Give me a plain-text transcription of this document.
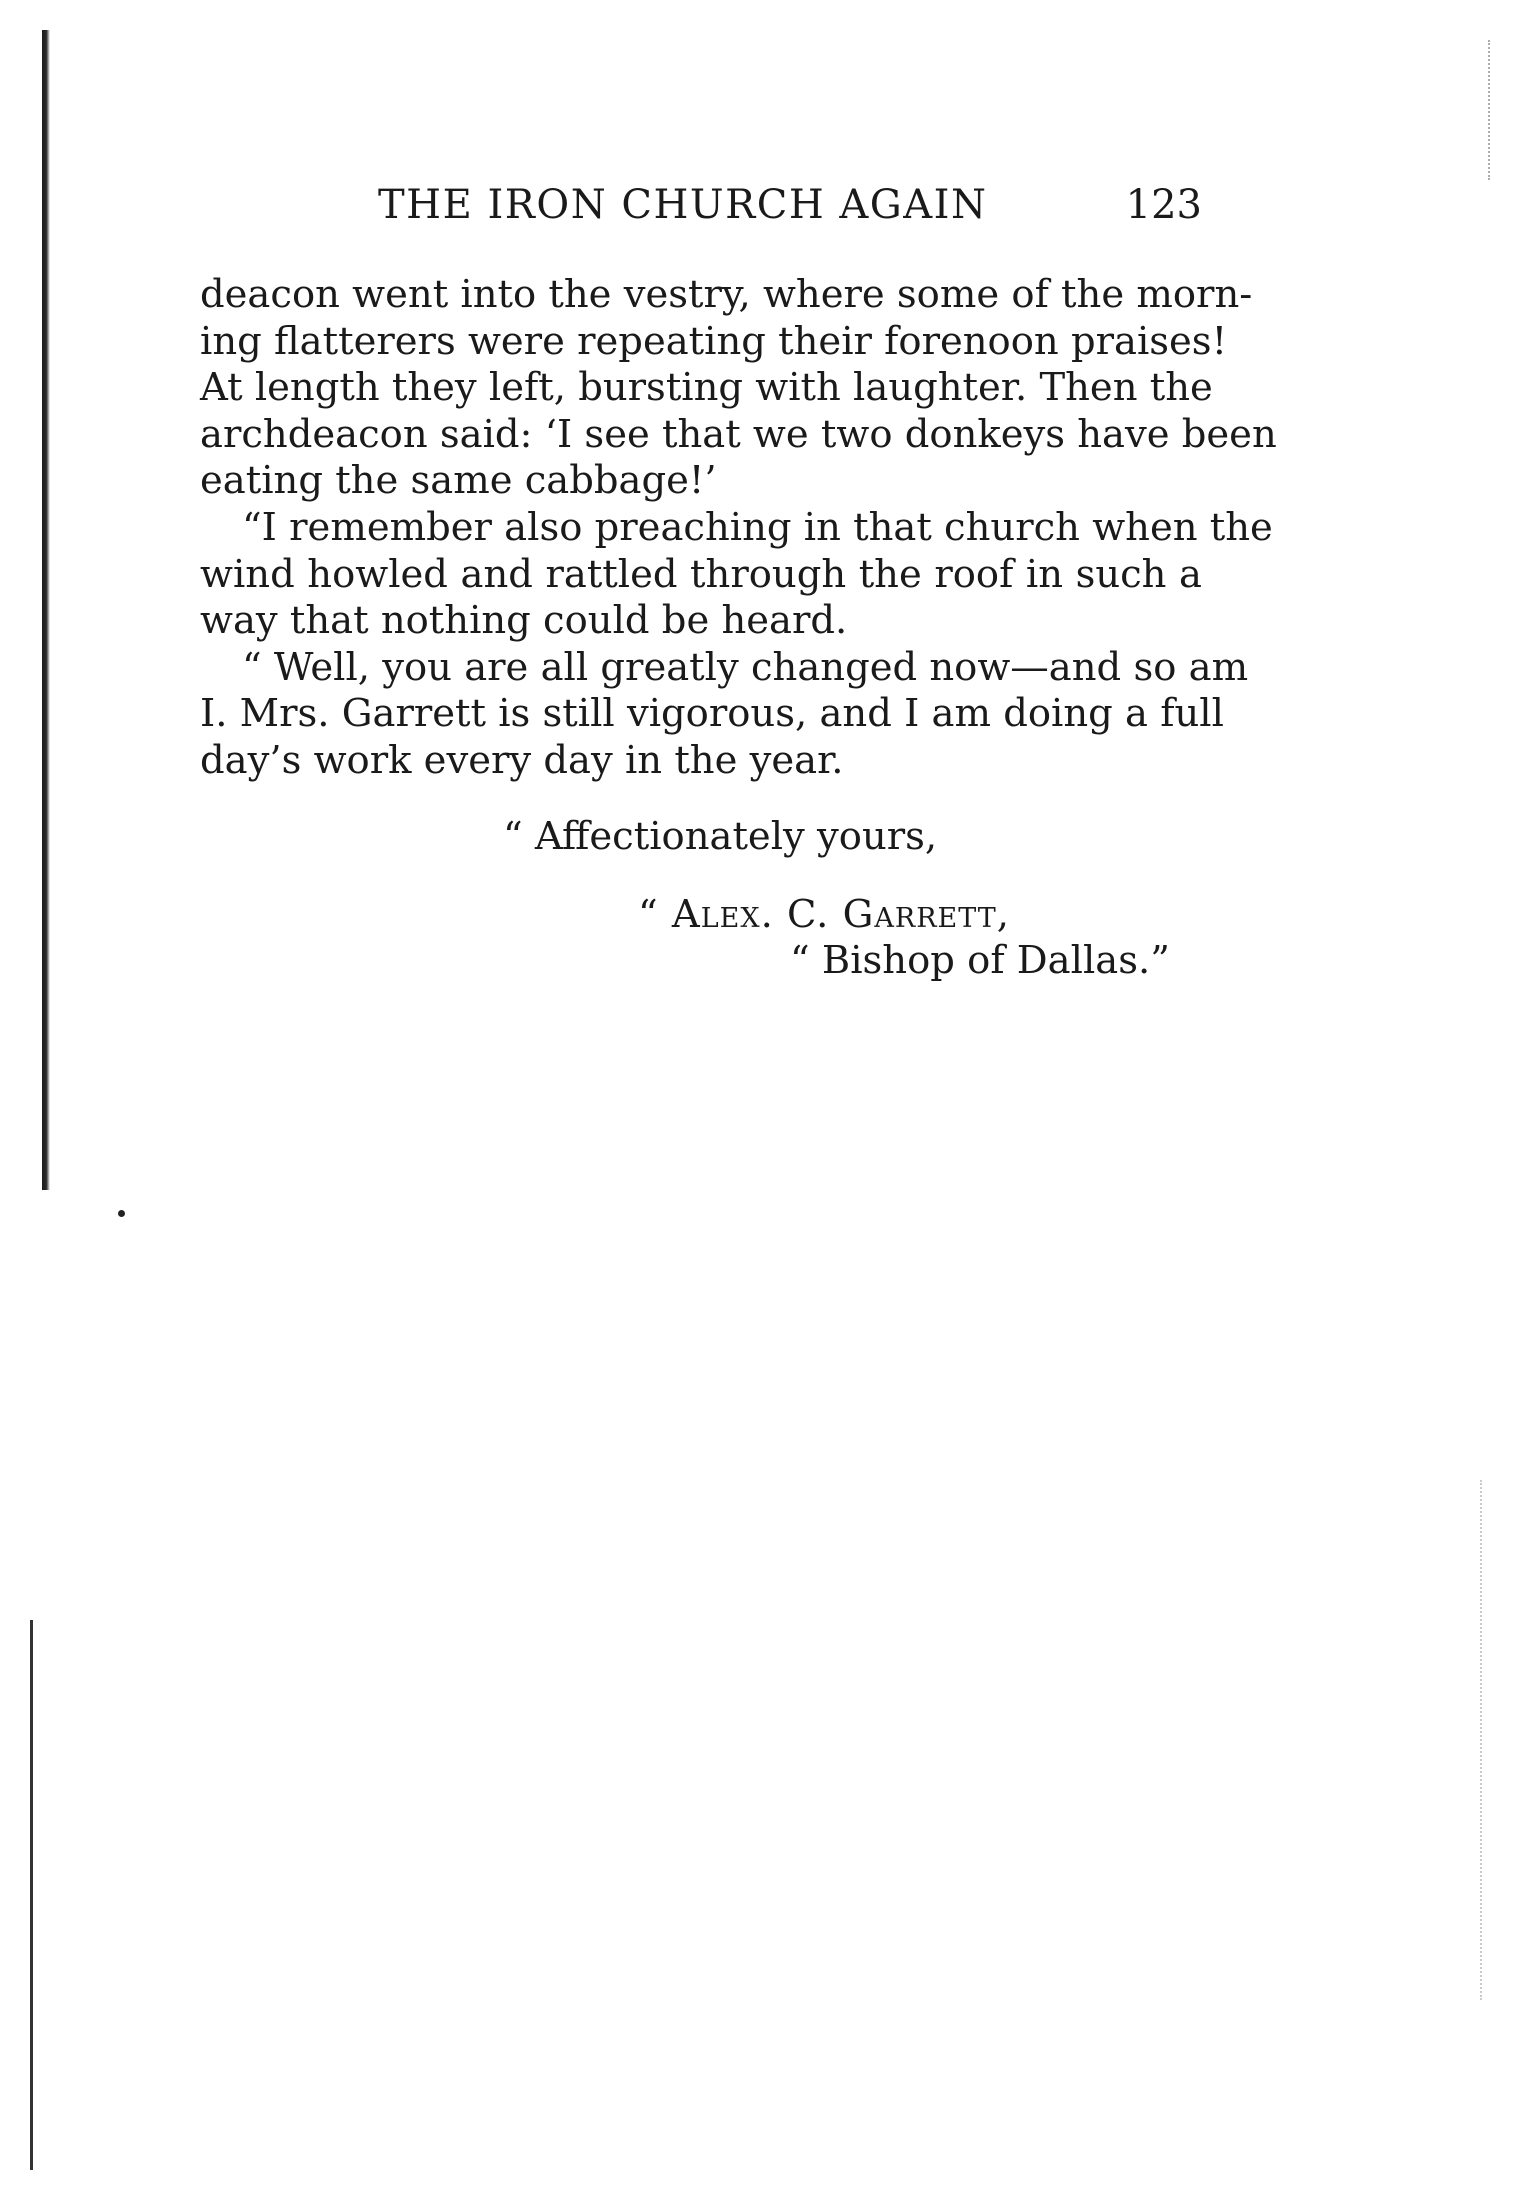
THE IRON CHURCH AGAIN	123
deacon went into the vestry, where some of the morn-
ing flatterers were repeating their forenoon praises!
At length they left, bursting with laughter. Then the
archdeacon said: ‘I see that we two donkeys have been
eating the same cabbage!’
“I remember also preaching in that church when the
wind howled and rattled through the roof in such a
way that nothing could be heard.
“ Well, you are all greatly changed now—and so am
I. Mrs. Garrett is still vigorous, and I am doing a full
day’s work every day in the year.
“ Affectionately yours,
“ Alex. C. Garrett,
“ Bishop of Dallas.”
